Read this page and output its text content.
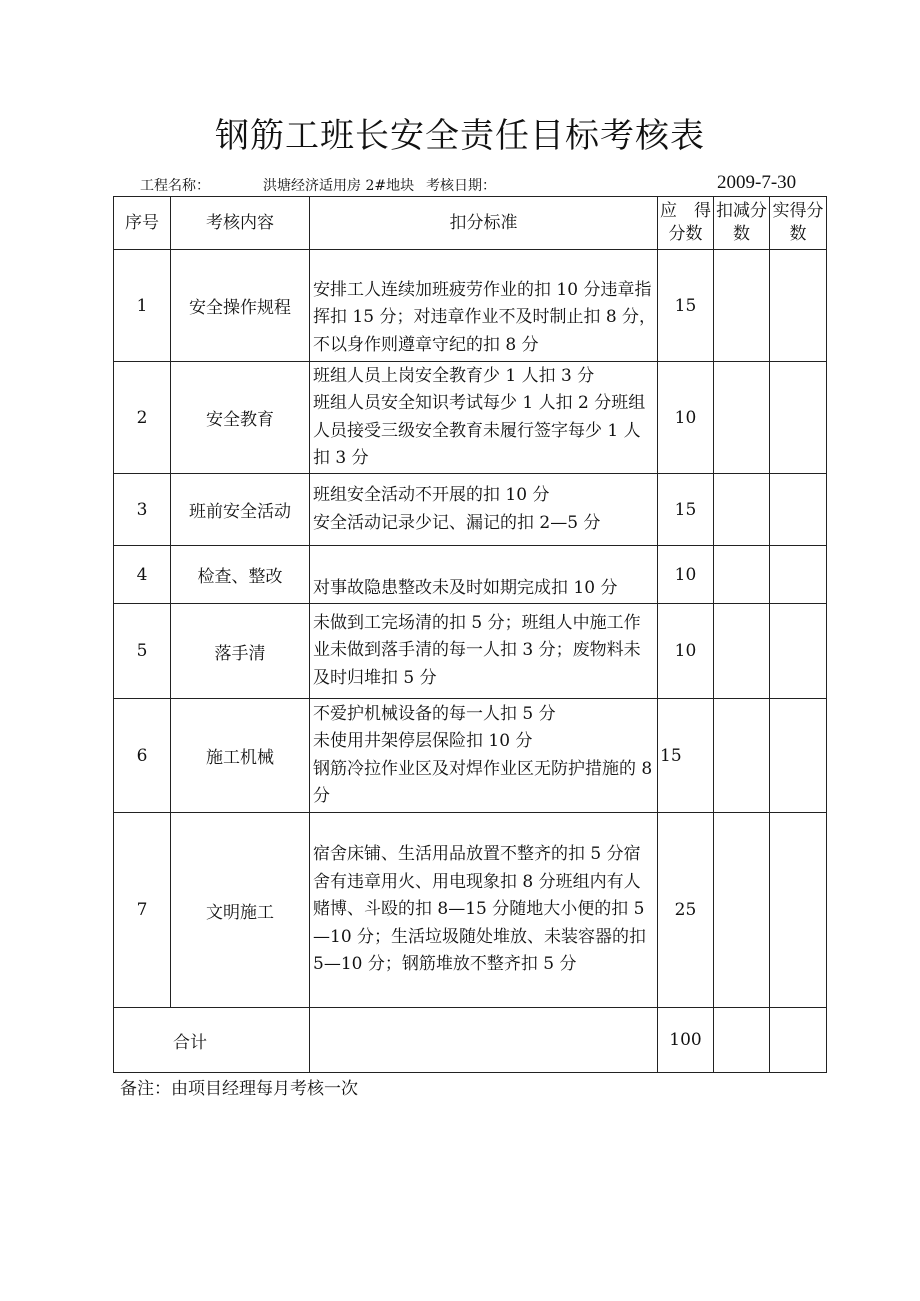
钢筋工班长安全责任目标考核表
工程名称：	洪塘经济适用房 2#地块 考核日期：	2009-7-30
序号	考核内容	扣分标准	应　得分数	扣减分数	实得分数
1	安全操作规程	安排工人连续加班疲劳作业的扣 10 分违章指挥扣 15 分；对违章作业不及时制止扣 8 分，不以身作则遵章守纪的扣 8 分	15		
2	安全教育	班组人员上岗安全教育少 1 人扣 3 分
班组人员安全知识考试每少 1 人扣 2 分班组人员接受三级安全教育未履行签字每少 1 人扣 3 分	10		
3	班前安全活动	班组安全活动不开展的扣 10 分
安全活动记录少记、漏记的扣 2—5 分	15		
4	检查、整改	对事故隐患整改未及时如期完成扣 10 分	10		
5	落手清	未做到工完场清的扣 5 分；班组人中施工作业未做到落手清的每一人扣 3 分；废物料未及时归堆扣 5 分	10		
6	施工机械	不爱护机械设备的每一人扣 5 分
未使用井架停层保险扣 10 分
钢筋冷拉作业区及对焊作业区无防护措施的 8 分	15		
7	文明施工	宿舍床铺、生活用品放置不整齐的扣 5 分宿舍有违章用火、用电现象扣 8 分班组内有人赌博、斗殴的扣 8—15 分随地大小便的扣 5—10 分；生活垃圾随处堆放、未装容器的扣 5—10 分；钢筋堆放不整齐扣 5 分	25		
合计			100		
备注：由项目经理每月考核一次
